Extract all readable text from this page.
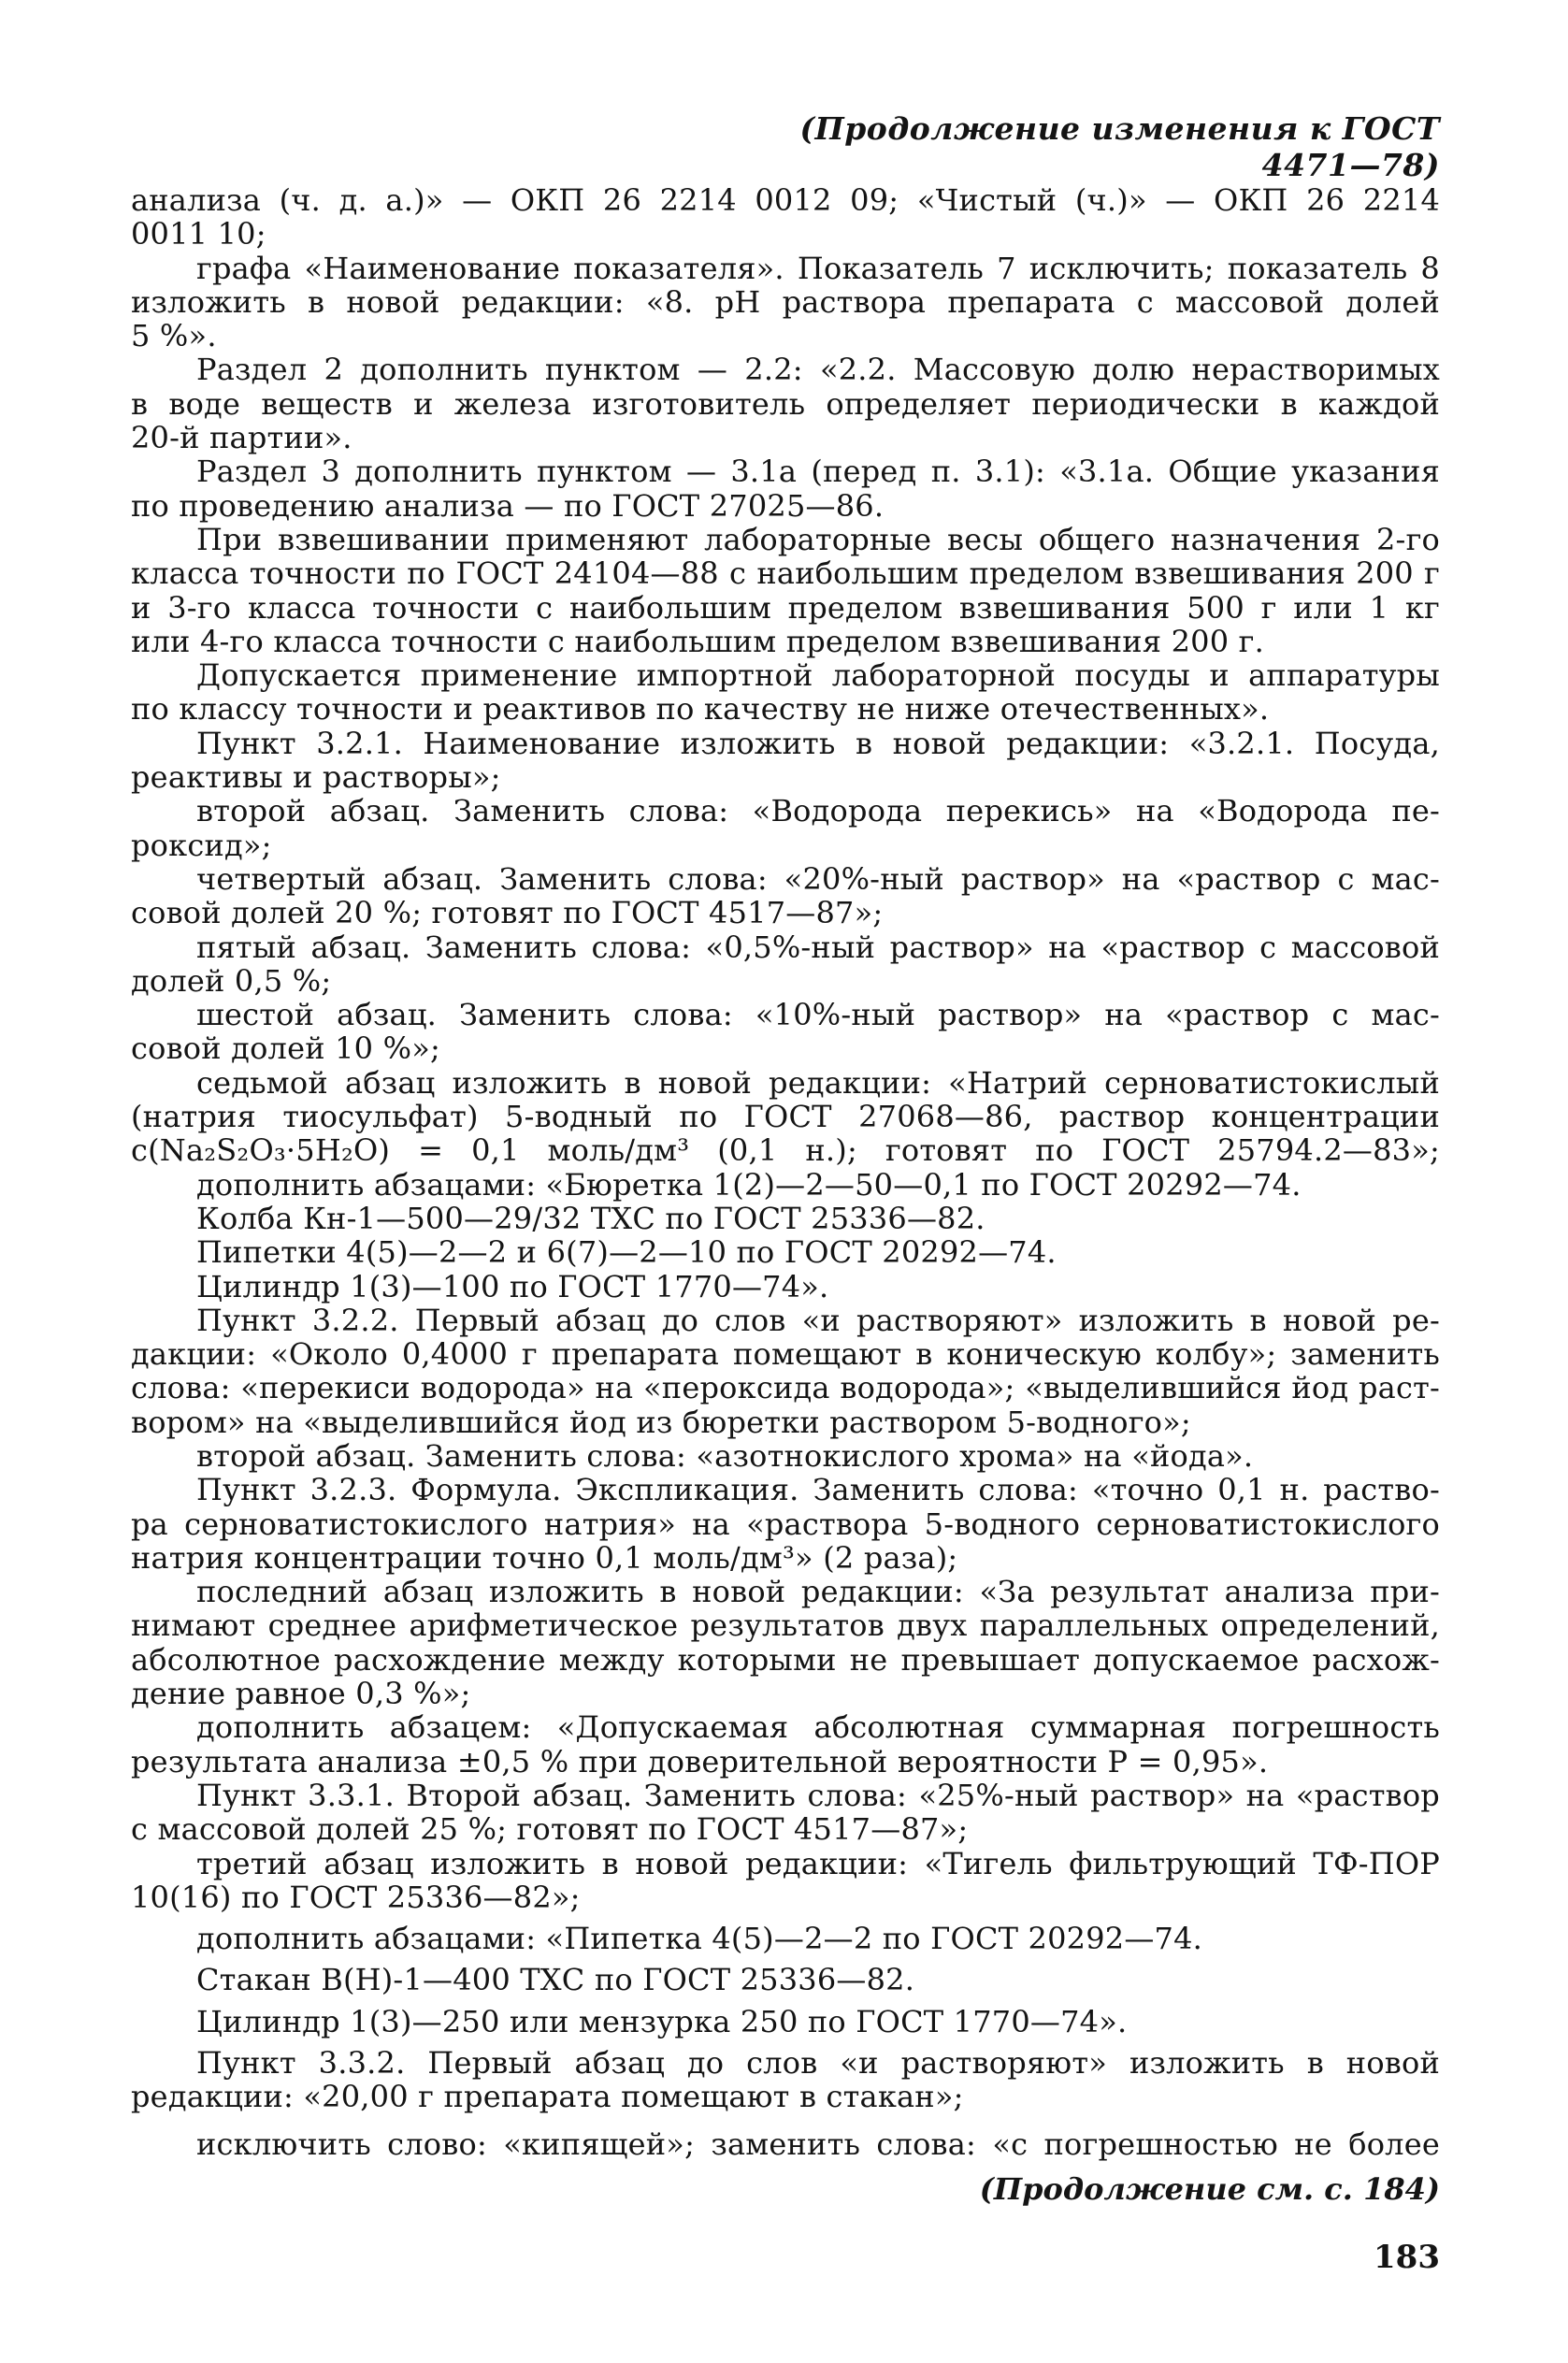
(Продолжение изменения к ГОСТ 4471—78)
анализа (ч. д. а.)» — ОКП 26 2214 0012 09; «Чистый (ч.)» — ОКП 26 2214
0011 10;
графа «Наименование показателя». Показатель 7 исключить; показатель 8
изложить в новой редакции: «8. pH раствора препарата с массовой долей
5 %».
Раздел 2 дополнить пунктом — 2.2: «2.2. Массовую долю нерастворимых
в воде веществ и железа изготовитель определяет периодически в каждой
20-й партии».
Раздел 3 дополнить пунктом — 3.1а (перед п. 3.1): «3.1а. Общие указания
по проведению анализа — по ГОСТ 27025—86.
При взвешивании применяют лабораторные весы общего назначения 2-го
класса точности по ГОСТ 24104—88 с наибольшим пределом взвешивания 200 г
и 3-го класса точности с наибольшим пределом взвешивания 500 г или 1 кг
или 4-го класса точности с наибольшим пределом взвешивания 200 г.
Допускается применение импортной лабораторной посуды и аппаратуры
по классу точности и реактивов по качеству не ниже отечественных».
Пункт 3.2.1. Наименование изложить в новой редакции: «3.2.1. Посуда,
реактивы и растворы»;
второй абзац. Заменить слова: «Водорода перекись» на «Водорода пе-
роксид»;
четвертый абзац. Заменить слова: «20%-ный раствор» на «раствор с мас-
совой долей 20 %; готовят по ГОСТ 4517—87»;
пятый абзац. Заменить слова: «0,5%-ный раствор» на «раствор с массовой
долей 0,5 %;
шестой абзац. Заменить слова: «10%-ный раствор» на «раствор с мас-
совой долей 10 %»;
седьмой абзац изложить в новой редакции: «Натрий серноватистокислый
(натрия тиосульфат) 5-водный по ГОСТ 27068—86, раствор концентрации
c(Na₂S₂O₃·5H₂O) = 0,1 моль/дм³ (0,1 н.); готовят по ГОСТ 25794.2—83»;
дополнить абзацами: «Бюретка 1(2)—2—50—0,1 по ГОСТ 20292—74.
Колба Кн-1—500—29/32 ТХС по ГОСТ 25336—82.
Пипетки 4(5)—2—2 и 6(7)—2—10 по ГОСТ 20292—74.
Цилиндр 1(3)—100 по ГОСТ 1770—74».
Пункт 3.2.2. Первый абзац до слов «и растворяют» изложить в новой ре-
дакции: «Около 0,4000 г препарата помещают в коническую колбу»; заменить
слова: «перекиси водорода» на «пероксида водорода»; «выделившийся йод раст-
вором» на «выделившийся йод из бюретки раствором 5-водного»;
второй абзац. Заменить слова: «азотнокислого хрома» на «йода».
Пункт 3.2.3. Формула. Экспликация. Заменить слова: «точно 0,1 н. раство-
ра серноватистокислого натрия» на «раствора 5-водного серноватистокислого
натрия концентрации точно 0,1 моль/дм³» (2 раза);
последний абзац изложить в новой редакции: «За результат анализа при-
нимают среднее арифметическое результатов двух параллельных определений,
абсолютное расхождение между которыми не превышает допускаемое расхож-
дение равное 0,3 %»;
дополнить абзацем: «Допускаемая абсолютная суммарная погрешность
результата анализа ±0,5 % при доверительной вероятности P = 0,95».
Пункт 3.3.1. Второй абзац. Заменить слова: «25%-ный раствор» на «раствор
с массовой долей 25 %; готовят по ГОСТ 4517—87»;
третий абзац изложить в новой редакции: «Тигель фильтрующий ТФ-ПОР
10(16) по ГОСТ 25336—82»;
дополнить абзацами: «Пипетка 4(5)—2—2 по ГОСТ 20292—74.
Стакан В(Н)-1—400 ТХС по ГОСТ 25336—82.
Цилиндр 1(3)—250 или мензурка 250 по ГОСТ 1770—74».
Пункт 3.3.2. Первый абзац до слов «и растворяют» изложить в новой
редакции: «20,00 г препарата помещают в стакан»;
исключить слово: «кипящей»; заменить слова: «с погрешностью не более
(Продолжение см. с. 184)
183
